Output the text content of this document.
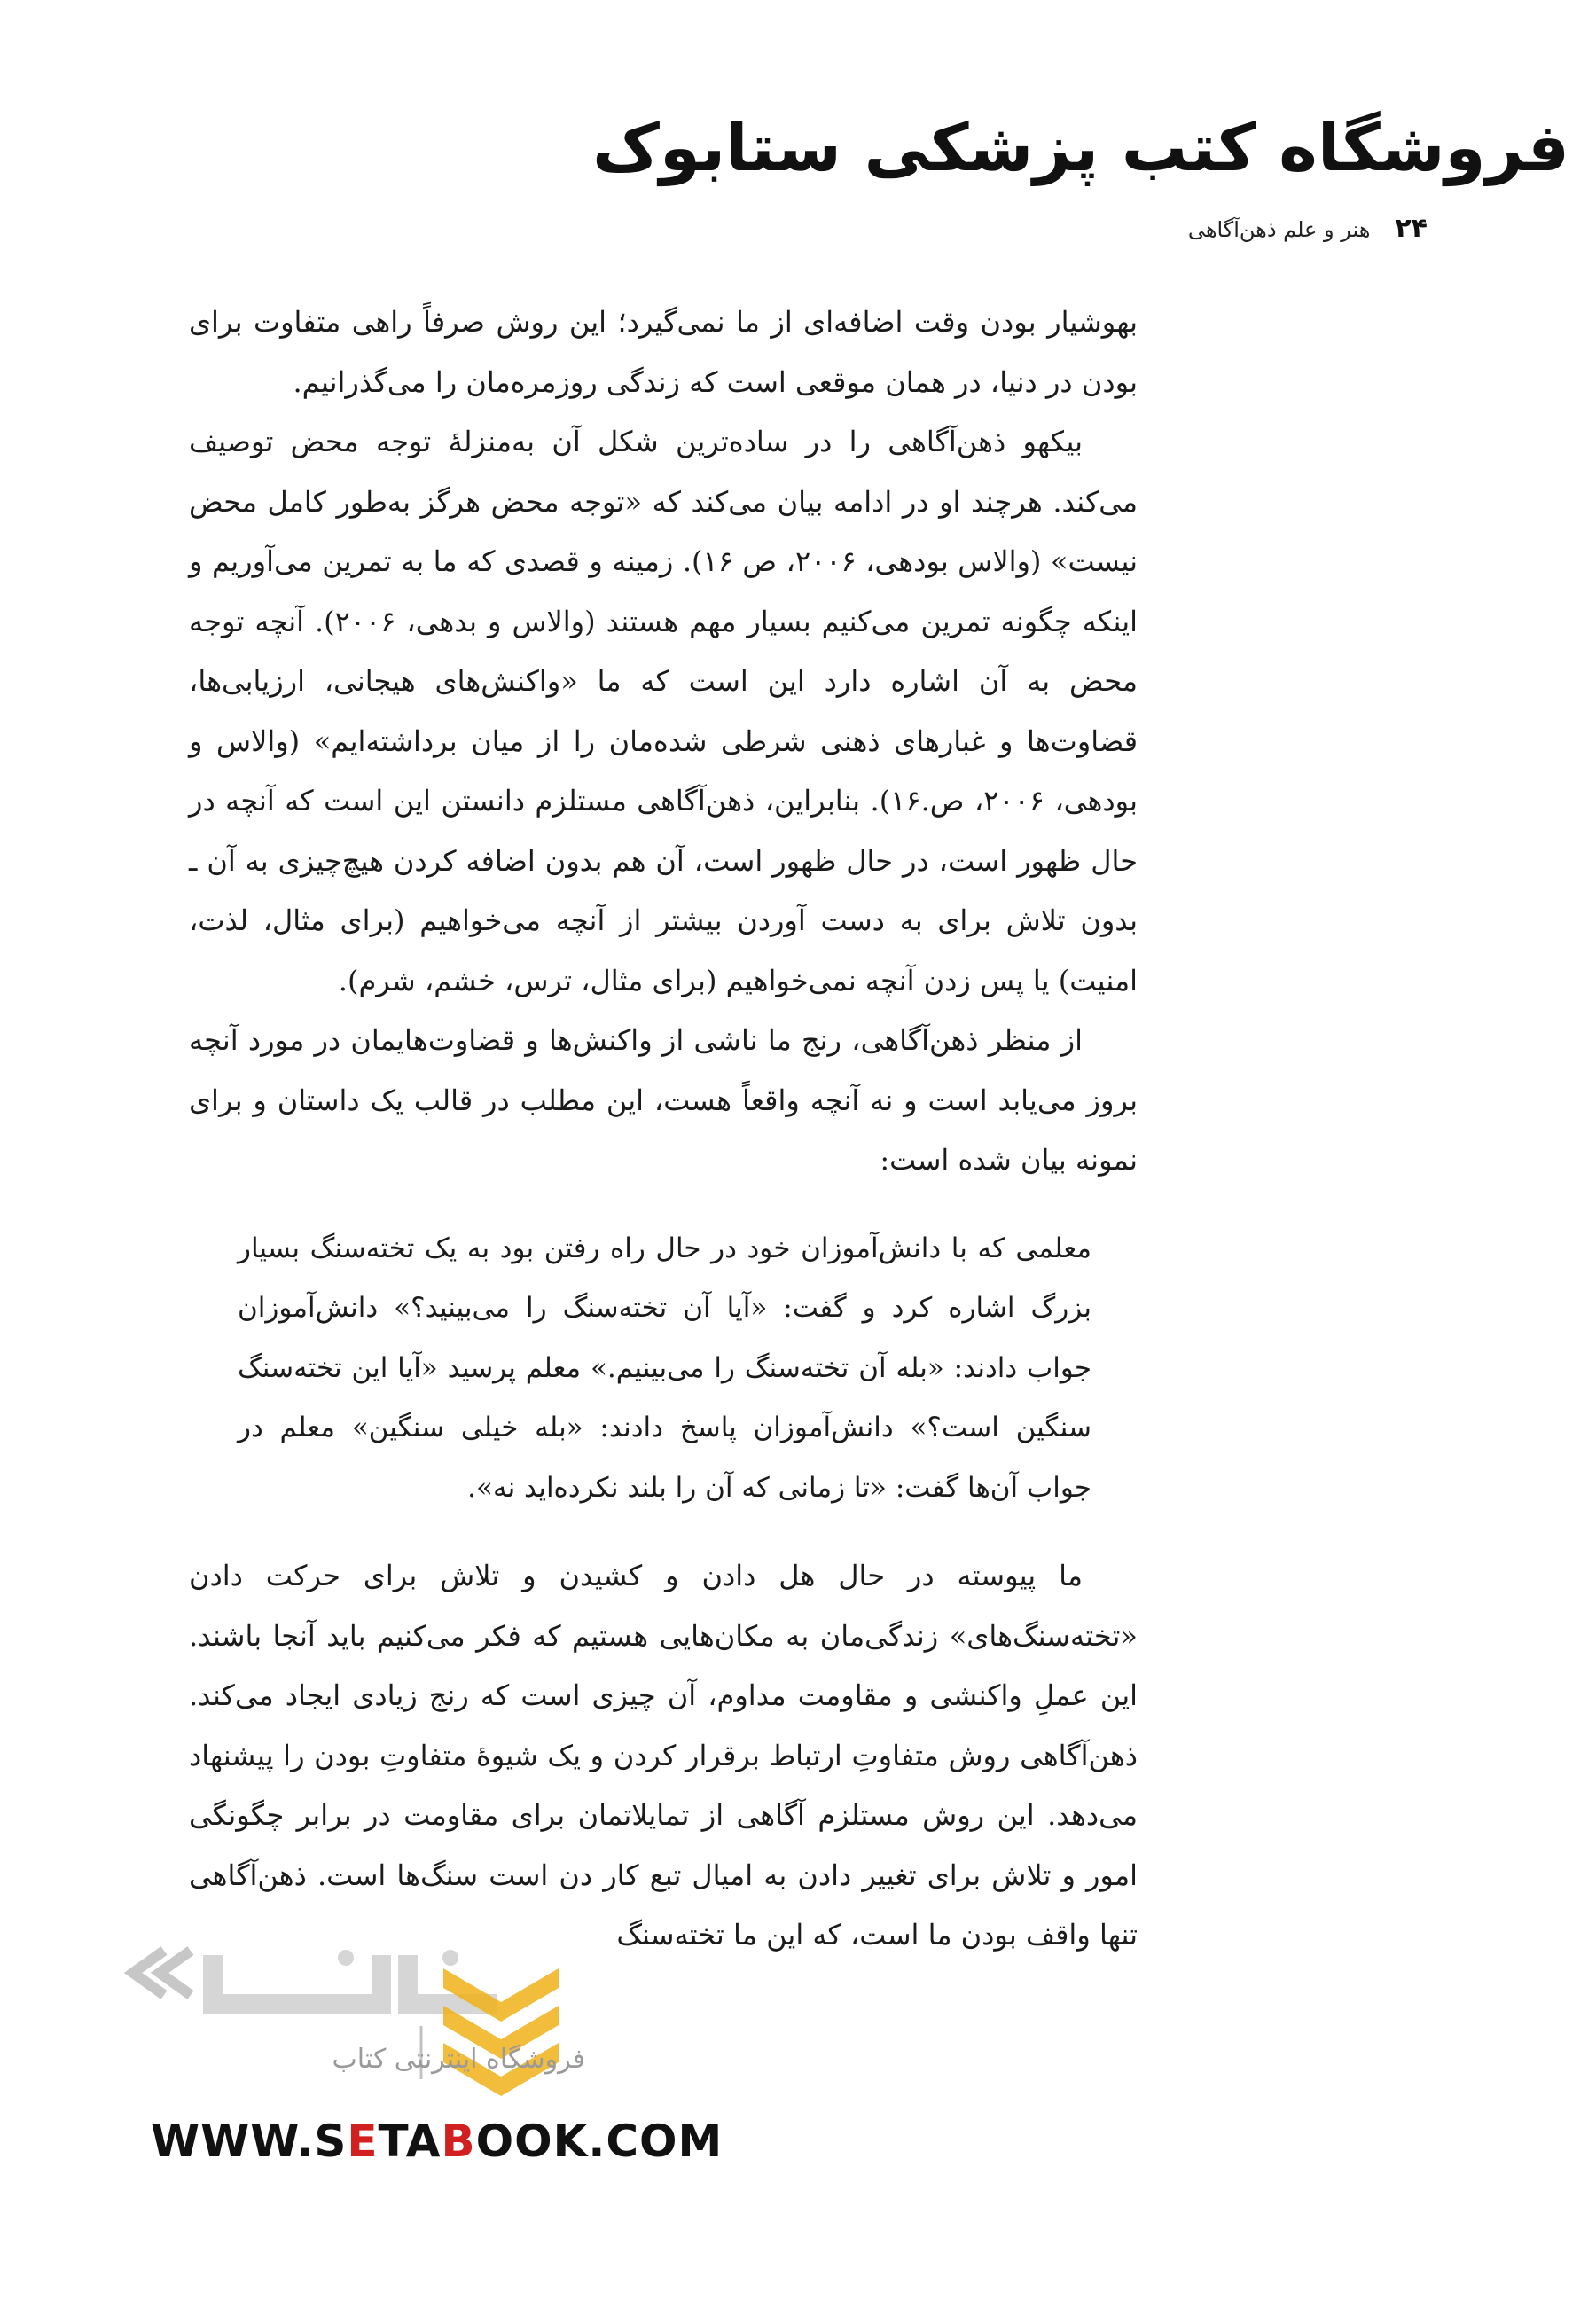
فروشگاه کتب پزشکی ستابوک
۲۴
هنر و علم ذهن‌آگاهی

بهوشیار بودن وقت اضافه‌ای از ما نمی‌گیرد؛ این روش صرفاً راهی متفاوت برای بودن در دنیا، در همان موقعی است که زندگی روزمره‌مان را می‌گذرانیم.

بیکهو ذهن‌آگاهی را در ساده‌ترین شکل آن به‌منزلهٔ توجه محض توصیف می‌کند. هرچند او در ادامه بیان می‌کند که «توجه محض هرگز به‌طور کامل محض نیست» (والاس بودهی، ۲۰۰۶، ص ۱۶). زمینه و قصدی که ما به تمرین می‌آوریم و اینکه چگونه تمرین می‌کنیم بسیار مهم هستند (والاس و بدهی، ۲۰۰۶). آنچه توجه محض به آن اشاره دارد این است که ما «واکنش‌های هیجانی، ارزیابی‌ها، قضاوت‌ها و غبارهای ذهنی شرطی شده‌مان را از میان برداشته‌ایم» (والاس و بودهی، ۲۰۰۶، ص.۱۶). بنابراین، ذهن‌آگاهی مستلزم دانستن این است که آنچه در حال ظهور است، در حال ظهور است، آن هم بدون اضافه کردن هیچ‌چیزی به آن ـ بدون تلاش برای به دست آوردن بیشتر از آنچه می‌خواهیم (برای مثال، لذت، امنیت) یا پس زدن آنچه نمی‌خواهیم (برای مثال، ترس، خشم، شرم).

از منظر ذهن‌آگاهی، رنج ما ناشی از واکنش‌ها و قضاوت‌هایمان در مورد آنچه بروز می‌یابد است و نه آنچه واقعاً هست، این مطلب در قالب یک داستان و برای نمونه بیان شده است:

معلمی که با دانش‌آموزان خود در حال راه رفتن بود به یک تخته‌سنگ بسیار بزرگ اشاره کرد و گفت: «آیا آن تخته‌سنگ را می‌بینید؟» دانش‌آموزان جواب دادند: «بله آن تخته‌سنگ را می‌بینیم.» معلم پرسید «آیا این تخته‌سنگ سنگین است؟» دانش‌آموزان پاسخ دادند: «بله خیلی سنگین» معلم در جواب آن‌ها گفت: «تا زمانی که آن را بلند نکرده‌اید نه».

ما پیوسته در حال هل دادن و کشیدن و تلاش برای حرکت دادن «تخته‌سنگ‌های» زندگی‌مان به مکان‌هایی هستیم که فکر می‌کنیم باید آنجا باشند. این عملِ واکنشی و مقاومت مداوم، آن چیزی است که رنج زیادی ایجاد می‌کند. ذهن‌آگاهی روش متفاوتِ ارتباط برقرار کردن و یک شیوهٔ متفاوتِ بودن را پیشنهاد می‌دهد. این روش مستلزم آگاهی از تمایلاتمان برای مقاومت در برابر چگونگی امور و تلاش برای تغییر دادن به امیال تبع کار دن است سنگ‌ها است. ذهن‌آگاهی تنها واقف بودن ما است، که این ما تخته‌سنگ

فروشگاه اینترنتی کتاب
WWW.SETABOOK.COM
